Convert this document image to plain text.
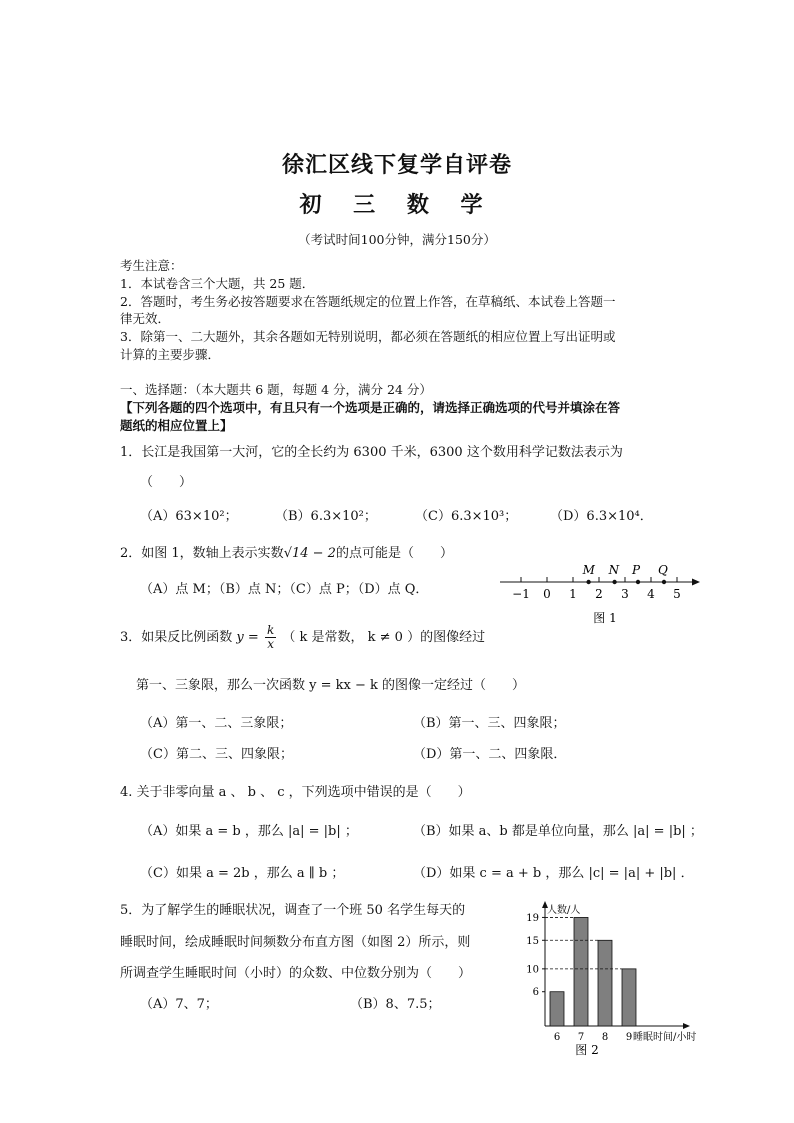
徐汇区线下复学自评卷
初 三 数 学
（考试时间100分钟，满分150分）
考生注意：
1．本试卷含三个大题，共 25 题．
2．答题时，考生务必按答题要求在答题纸规定的位置上作答，在草稿纸、本试卷上答题一
律无效．
3．除第一、二大题外，其余各题如无特别说明，都必须在答题纸的相应位置上写出证明或
计算的主要步骤．
一、选择题：（本大题共 6 题，每题 4 分，满分 24 分）
【下列各题的四个选项中，有且只有一个选项是正确的，请选择正确选项的代号并填涂在答
题纸的相应位置上】
1．长江是我国第一大河，它的全长约为 6300 千米，6300 这个数用科学记数法表示为
（　　）
（A）63×10²；	（B）6.3×10²；	（C）6.3×10³；	（D）6.3×10⁴．
2．如图 1，数轴上表示实数√14 − 2的点可能是（　　）
（A）点 M；（B）点 N；（C）点 P；（D）点 Q．	−1 0 1 2 3 4 5
M N P Q
图 1
3．如果反比例函数 $y = \frac{k}{x}$ （ k 是常数， k ≠ 0 ）的图像经过
第一、三象限，那么一次函数 y = kx − k 的图像一定经过（　　）
（A）第一、二、三象限；	（B）第一、三、四象限；
（C）第二、三、四象限；	（D）第一、二、四象限．
4. 关于非零向量 a 、 b 、 c ，下列选项中错误的是（　　）
（A）如果 a = b ，那么 |a| = |b| ；	（B）如果 a、b 都是单位向量，那么 |a| = |b| ；
（C）如果 a = 2b ，那么 a ∥ b ；	（D）如果 c = a + b ，那么 |c| = |a| + |b| ．
5．为了解学生的睡眠状况，调查了一个班 50 名学生每天的
睡眠时间，绘成睡眠时间频数分布直方图（如图 2）所示，则
所调查学生睡眠时间（小时）的众数、中位数分别为（　　）
（A）7、7；	（B）8、7.5；
人数/人
睡眠时间/小时
6
10
15
19
6 7 8 9
图 2
